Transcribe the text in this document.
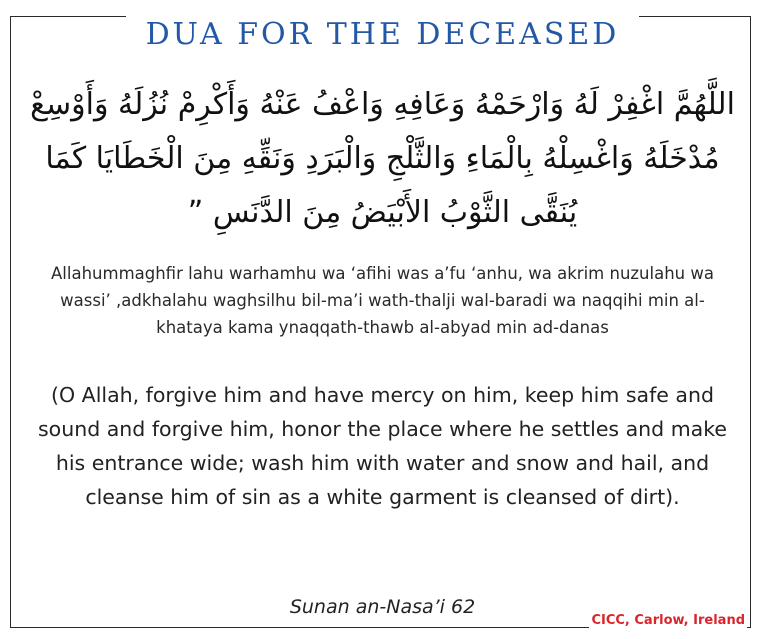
DUA FOR THE DECEASED
اللَّهُمَّ اغْفِرْ لَهُ وَارْحَمْهُ وَعَافِهِ وَاعْفُ عَنْهُ وَأَكْرِمْ نُزُلَهُ وَأَوْسِعْ مُدْخَلَهُ وَاغْسِلْهُ بِالْمَاءِ وَالثَّلْجِ وَالْبَرَدِ وَنَقِّهِ مِنَ الْخَطَايَا كَمَا يُنَقَّى الثَّوْبُ الأَبْيَضُ مِنَ الدَّنَسِ ”
Allahummaghfir lahu warhamhu wa ‘afihi was a’fu ‘anhu, wa akrim nuzulahu wa wassi’ ,adkhalahu waghsilhu bil-ma’i wath-thalji wal-baradi wa naqqihi min al-khataya kama ynaqqath-thawb al-abyad min ad-danas
(O Allah, forgive him and have mercy on him, keep him safe and sound and forgive him, honor the place where he settles and make his entrance wide; wash him with water and snow and hail, and cleanse him of sin as a white garment is cleansed of dirt).
Sunan an-Nasa’i 62
CICC, Carlow, Ireland
